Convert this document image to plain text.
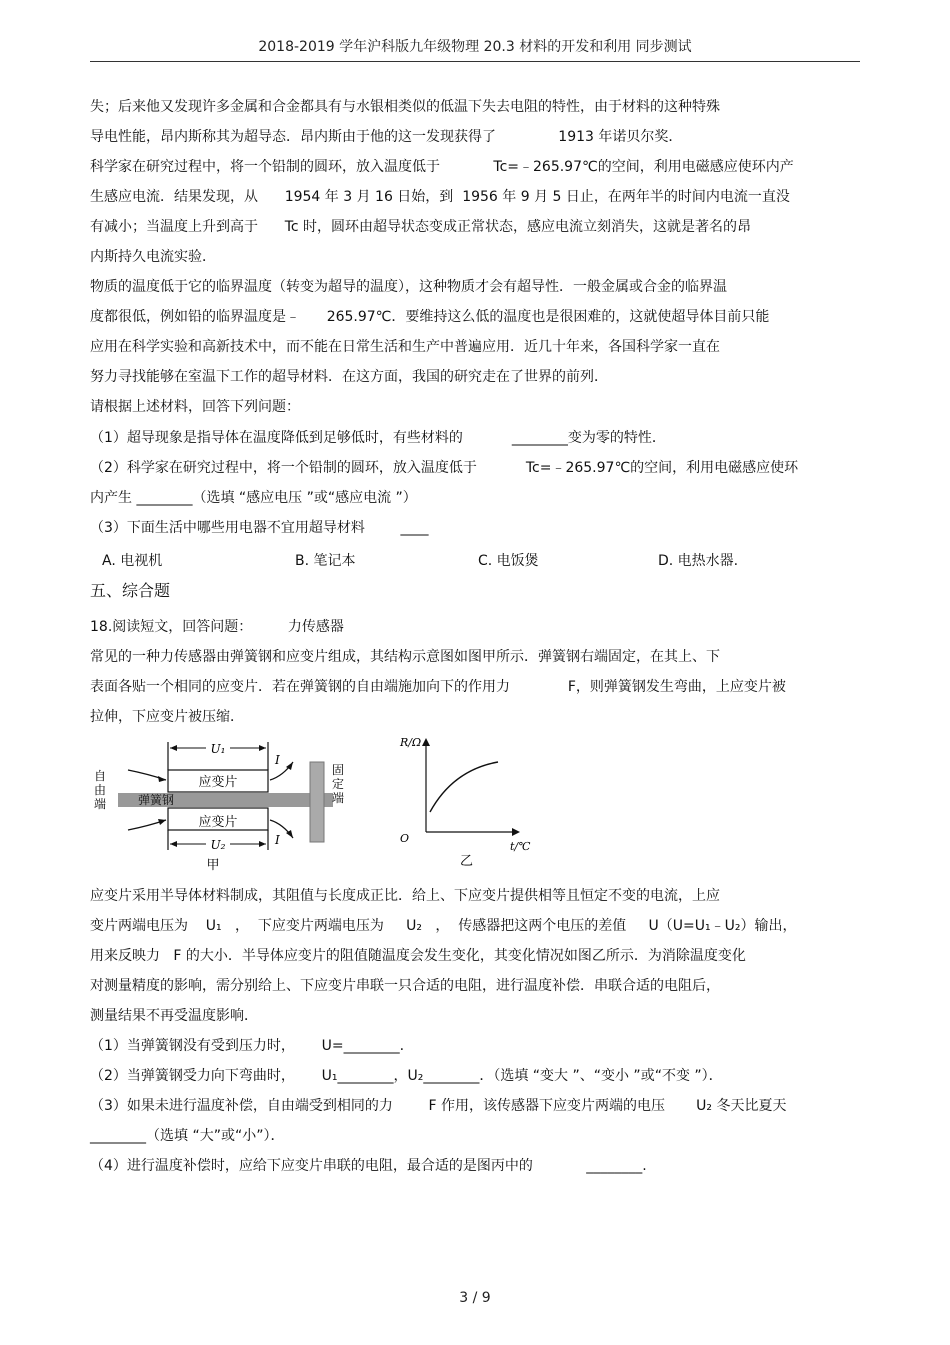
2018-2019 学年沪科版九年级物理 20.3 材料的开发和利用 同步测试
失；后来他又发现许多金属和合金都具有与水银相类似的低温下失去电阻的特性，由于材料的这种特殊
导电性能，昂内斯称其为超导态．昂内斯由于他的这一发现获得了              1913 年诺贝尔奖．
科学家在研究过程中，将一个铅制的圆环，放入温度低于            Tc=﹣265.97℃的空间，利用电磁感应使环内产
生感应电流．结果发现，从      1954 年 3 月 16 日始，到  1956 年 9 月 5 日止，在两年半的时间内电流一直没
有减小；当温度上升到高于      Tc 时，圆环由超导状态变成正常状态，感应电流立刻消失，这就是著名的昂
内斯持久电流实验．
物质的温度低于它的临界温度（转变为超导的温度），这种物质才会有超导性．一般金属或合金的临界温
度都很低，例如铅的临界温度是﹣      265.97℃．要维持这么低的温度也是很困难的，这就使超导体目前只能
应用在科学实验和高新技术中，而不能在日常生活和生产中普遍应用．近几十年来，各国科学家一直在
努力寻找能够在室温下工作的超导材料．在这方面，我国的研究走在了世界的前列．
请根据上述材料，回答下列问题：
（1）超导现象是指导体在温度降低到足够低时，有些材料的           ________变为零的特性．
（2）科学家在研究过程中，将一个铅制的圆环，放入温度低于           Tc=﹣265.97℃的空间，利用电磁感应使环
内产生 ________（选填 “感应电压 ”或“感应电流 ”）
（3）下面生活中哪些用电器不宜用超导材料        ____
A. 电视机	B. 笔记本	C. 电饭煲	D. 电热水器.
五、综合题
18.阅读短文，回答问题：        力传感器
常见的一种力传感器由弹簧钢和应变片组成，其结构示意图如图甲所示．弹簧钢右端固定，在其上、下
表面各贴一个相同的应变片．若在弹簧钢的自由端施加向下的作用力             F，则弹簧钢发生弯曲，上应变片被
拉伸，下应变片被压缩．
U₁
应变片
弹簧钢
应变片
U₂
I
I
自由端
固定端
甲
R/Ω
t/℃
O
乙
应变片采用半导体材料制成，其阻值与长度成正比．给上、下应变片提供相等且恒定不变的电流，上应
变片两端电压为    U₁   ，  下应变片两端电压为     U₂   ，  传感器把这两个电压的差值     U（U=U₁﹣U₂）输出，
用来反映力   F 的大小．半导体应变片的阻值随温度会发生变化，其变化情况如图乙所示．为消除温度变化
对测量精度的影响，需分别给上、下应变片串联一只合适的电阻，进行温度补偿．串联合适的电阻后，
测量结果不再受温度影响．
（1）当弹簧钢没有受到压力时，      U=________.
（2）当弹簧钢受力向下弯曲时，      U₁________，U₂________．（选填 “变大 ”、“变小 ”或“不变 ”）．
（3）如果未进行温度补偿，自由端受到相同的力        F 作用，该传感器下应变片两端的电压       U₂ 冬天比夏天
________（选填 “大”或“小”）．
（4）进行温度补偿时，应给下应变片串联的电阻，最合适的是图丙中的            ________.
3 / 9
